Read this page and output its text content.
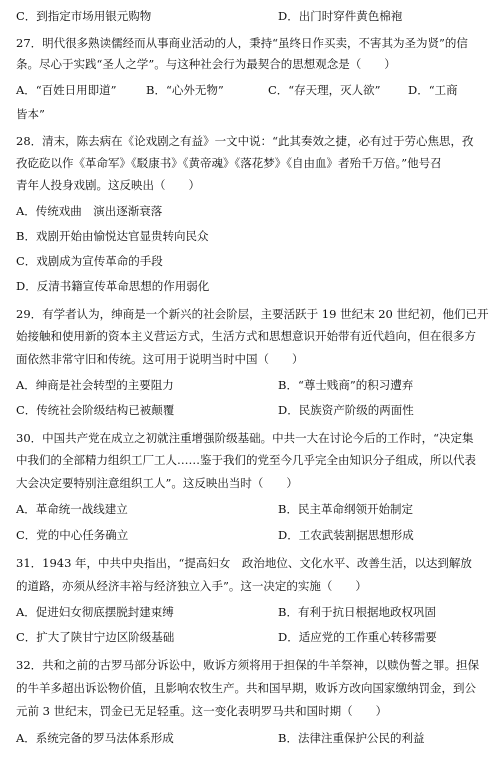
C．到指定市场用银元购物	D．出门时穿件黄色棉袍
27．明代很多熟读儒经而从事商业活动的人，秉持“虽终日作买卖，不害其为圣为贤”的信
条。尽心于实践“圣人之学”。与这种社会行为最契合的思想观念是（　　）
A．“百姓日用即道”	B．“心外无物”	C．“存天理，灭人欲” D．“工商
皆本”
28．清末，陈去病在《论戏剧之有益》一文中说：“此其奏效之捷，必有过于劳心焦思，孜
孜矻矻以作《革命军》《駁康书》《黄帝魂》《落花梦》《自由血》者殆千万倍。”他号召
青年人投身戏剧。这反映出（　　）
A．传统戏曲　演出逐渐衰落
B．戏剧开始由愉悦达官显贵转向民众
C．戏剧成为宣传革命的手段
D．反清书籍宣传革命思想的作用弱化
29．有学者认为，绅商是一个新兴的社会阶层，主要活跃于 19 世纪末 20 世纪初，他们已开
始接触和使用新的资本主义营运方式，生活方式和思想意识开始带有近代趋向，但在很多方
面依然非常守旧和传统。这可用于说明当时中国（　　）
A．绅商是社会转型的主要阻力	B．“尊士贱商”的积习遭弃
C．传统社会阶级结构已被颠覆	D．民族资产阶级的两面性
30．中国共产党在成立之初就注重增强阶级基础。中共一大在讨论今后的工作时，“决定集
中我们的全部精力组织工厂工人……鉴于我们的党至今几乎完全由知识分子组成，所以代表
大会决定要特别注意组织工人”。这反映出当时（　　）
A．革命统一战线建立	B．民主革命纲领开始制定
C．党的中心任务确立	D．工农武装割据思想形成
31．1943 年，中共中央指出，“提高妇女　政治地位、文化水平、改善生活，以达到解放
的道路，亦须从经济丰裕与经济独立入手”。这一决定的实施（　　）
A．促进妇女彻底摆脱封建束缚	B．有利于抗日根据地政权巩固
C．扩大了陕甘宁边区阶级基础	D．适应党的工作重心转移需要
32．共和之前的古罗马部分诉讼中，败诉方须将用于担保的牛羊祭神，以赎伪誓之罪。担保
的牛羊多超出诉讼物价值，且影响农牧生产。共和国早期，败诉方改向国家缴纳罚金，到公
元前 3 世纪末，罚金已无足轻重。这一变化表明罗马共和国时期（　　）
A．系统完备的罗马法体系形成	B．法律注重保护公民的利益
